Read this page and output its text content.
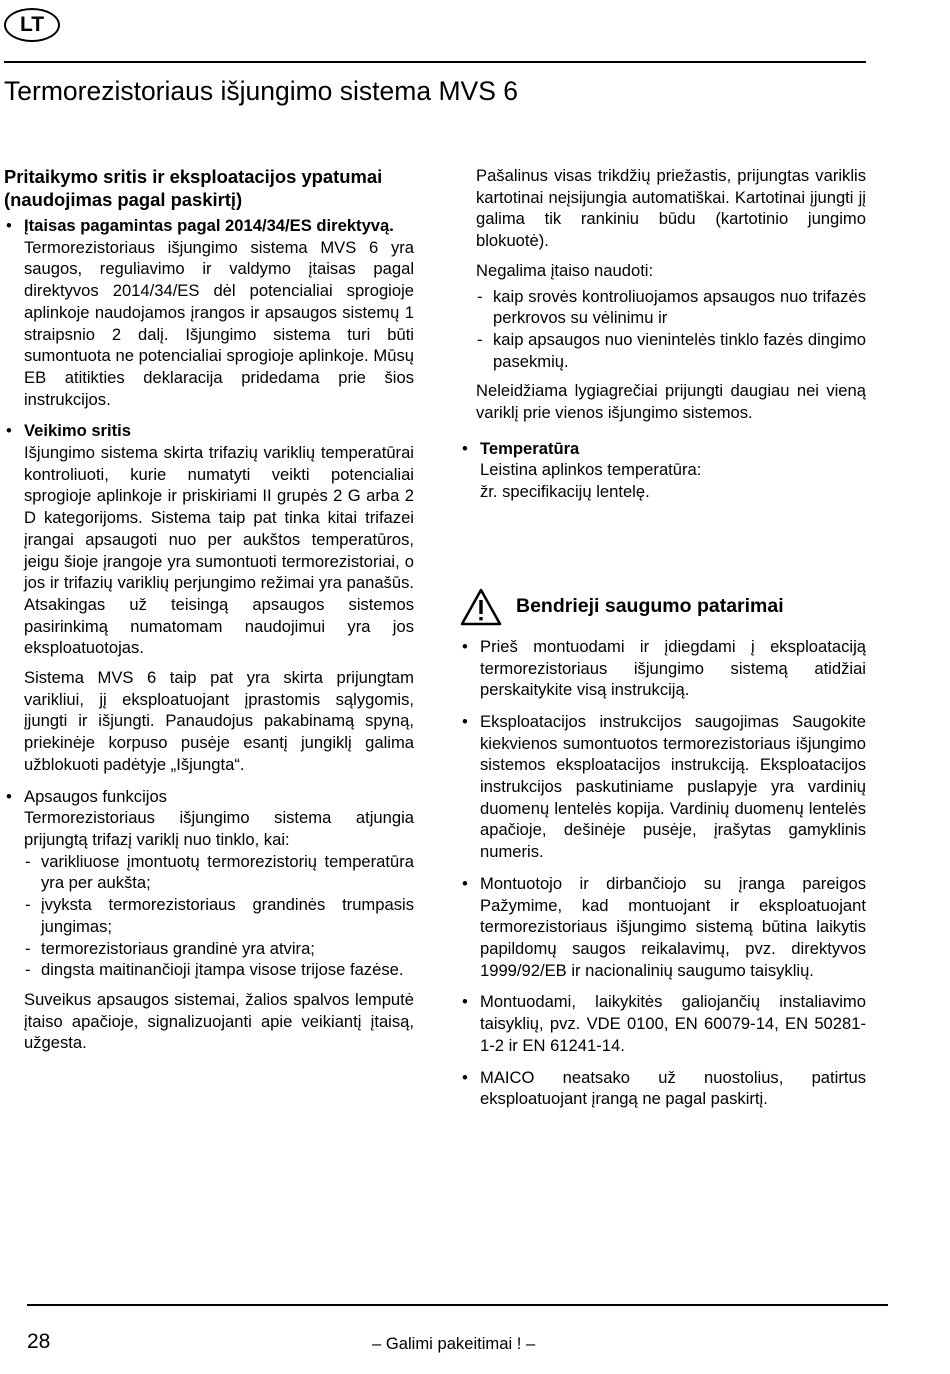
LT
Termorezistoriaus išjungimo sistema MVS 6
Pritaikymo sritis ir eksploatacijos ypatumai (naudojimas pagal paskirtį)
• Įtaisas pagamintas pagal 2014/34/ES direktyvą.
Termorezistoriaus išjungimo sistema MVS 6 yra saugos, reguliavimo ir valdymo įtaisas pagal direktyvos 2014/34/ES dėl potencialiai sprogioje aplinkoje naudojamos įrangos ir apsaugos sistemų 1 straipsnio 2 dalį. Išjungimo sistema turi būti sumontuota ne potencialiai sprogioje aplinkoje. Mūsų EB atitikties deklaracija pridedama prie šios instrukcijos.
• Veikimo sritis
Išjungimo sistema skirta trifazių variklių temperatūrai kontroliuoti, kurie numatyti veikti potencialiai sprogioje aplinkoje ir priskiriami II grupės 2 G arba 2 D kategorijoms. Sistema taip pat tinka kitai trifazei įrangai apsaugoti nuo per aukštos temperatūros, jeigu šioje įrangoje yra sumontuoti termorezistoriai, o jos ir trifazių variklių perjungimo režimai yra panašūs. Atsakingas už teisingą apsaugos sistemos pasirinkimą numatomam naudojimui yra jos eksploatuotojas.
Sistema MVS 6 taip pat yra skirta prijungtam varikliui, jį eksploatuojant įprastomis sąlygomis, įjungti ir išjungti. Panaudojus pakabinamą spyną, priekinėje korpuso pusėje esantį jungiklį galima užblokuoti padėtyje „Išjungta“.
• Apsaugos funkcijos
Termorezistoriaus išjungimo sistema atjungia prijungtą trifazį variklį nuo tinklo, kai:
- varikliuose įmontuotų termorezistorių temperatūra yra per aukšta;
- įvyksta termorezistoriaus grandinės trumpasis jungimas;
- termorezistoriaus grandinė yra atvira;
- dingsta maitinančioji įtampa visose trijose fazėse.
Suveikus apsaugos sistemai, žalios spalvos lemputė įtaiso apačioje, signalizuojanti apie veikiantį įtaisą, užgesta.
Pašalinus visas trikdžių priežastis, prijungtas variklis kartotinai neįsijungia automatiškai. Kartotinai įjungti jį galima tik rankiniu būdu (kartotinio jungimo blokuotė).
Negalima įtaiso naudoti:
- kaip srovės kontroliuojamos apsaugos nuo trifazės perkrovos su vėlinimu ir
- kaip apsaugos nuo vienintelės tinklo fazės dingimo pasekmių.
Neleidžiama lygiagrečiai prijungti daugiau nei vieną variklį prie vienos išjungimo sistemos.
• Temperatūra
Leistina aplinkos temperatūra:
žr. specifikacijų lentelę.
Bendrieji saugumo patarimai
• Prieš montuodami ir įdiegdami į eksploataciją termorezistoriaus išjungimo sistemą atidžiai perskaitykite visą instrukciją.
• Eksploatacijos instrukcijos saugojimas Saugokite kiekvienos sumontuotos termorezistoriaus išjungimo sistemos eksploatacijos instrukciją. Eksploatacijos instrukcijos paskutiniame puslapyje yra vardinių duomenų lentelės kopija. Vardinių duomenų lentelės apačioje, dešinėje pusėje, įrašytas gamyklinis numeris.
• Montuotojo ir dirbančiojo su įranga pareigos Pažymime, kad montuojant ir eksploatuojant termorezistoriaus išjungimo sistemą būtina laikytis papildomų saugos reikalavimų, pvz. direktyvos 1999/92/EB ir nacionalinių saugumo taisyklių.
• Montuodami, laikykitės galiojančių instaliavimo taisyklių, pvz. VDE 0100, EN 60079-14, EN 50281-1-2 ir EN 61241-14.
• MAICO neatsako už nuostolius, patirtus eksploatuojant įrangą ne pagal paskirtį.
28	– Galimi pakeitimai ! –
